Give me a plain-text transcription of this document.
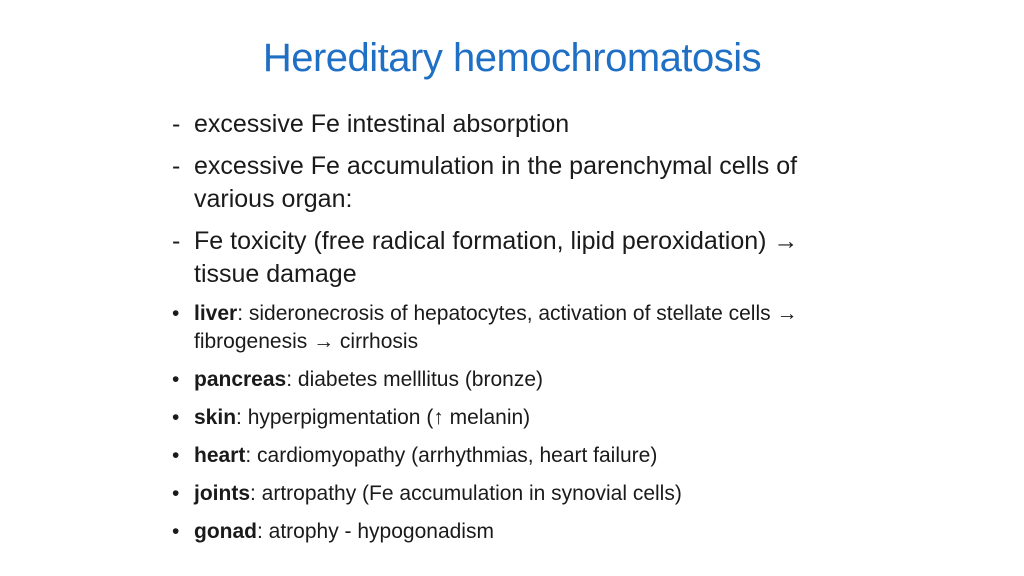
Hereditary hemochromatosis
- excessive Fe intestinal absorption
- excessive Fe accumulation in the parenchymal cells of various organ:
- Fe toxicity (free radical formation, lipid peroxidation) → tissue damage
• liver: sideronecrosis of hepatocytes, activation of stellate cells → fibrogenesis → cirrhosis
• pancreas: diabetes melllitus (bronze)
• skin: hyperpigmentation (↑ melanin)
• heart: cardiomyopathy (arrhythmias, heart failure)
• joints: artropathy (Fe accumulation in synovial cells)
• gonad: atrophy - hypogonadism
